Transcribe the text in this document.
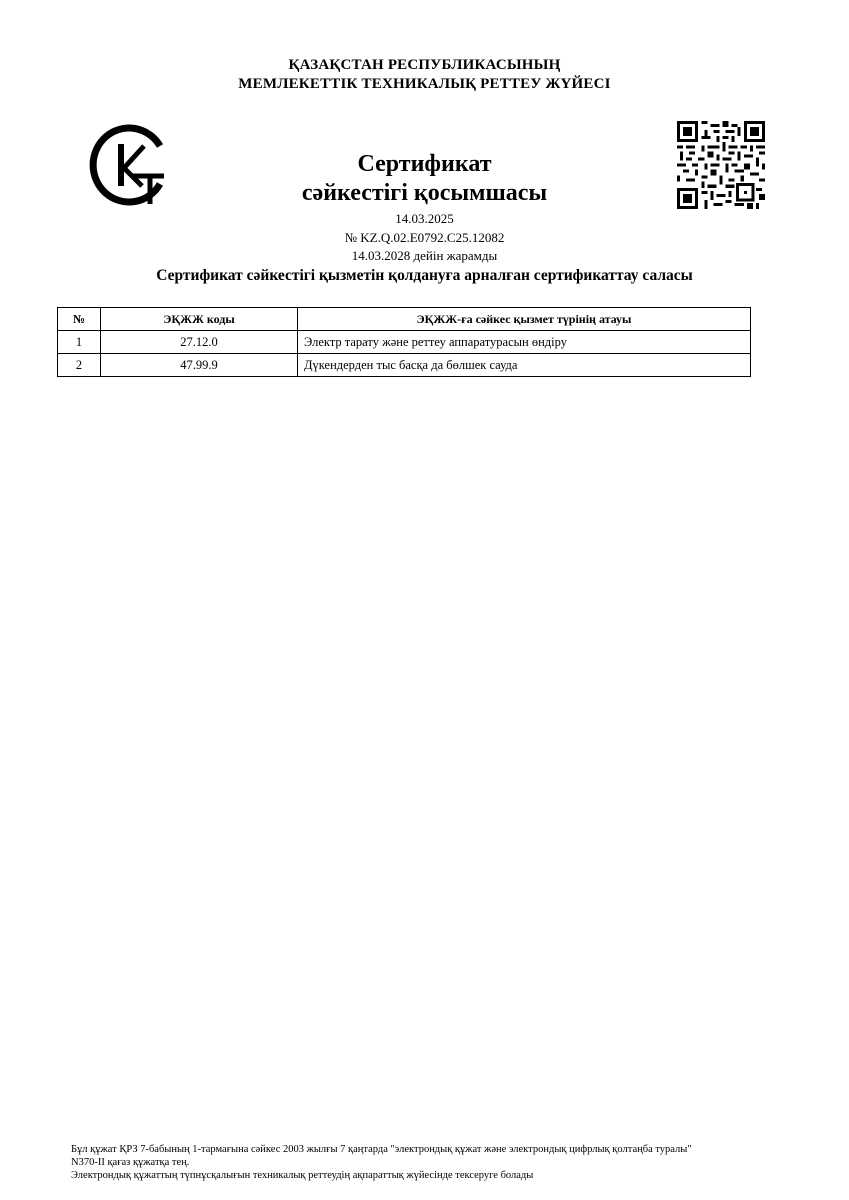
ҚАЗАҚСТАН РЕСПУБЛИКАСЫНЫҢ
МЕМЛЕКЕТТІК ТЕХНИКАЛЫҚ РЕТТЕУ ЖҮЙЕСІ
Сертификат
сәйкестігі қосымшасы
14.03.2025
№ KZ.Q.02.E0792.C25.12082
14.03.2028 дейін жарамды
Сертификат сәйкестігі қызметін қолдануға арналған сертификаттау саласы
№	ЭҚЖЖ коды	ЭҚЖЖ-ға сәйкес қызмет түрінің атауы
1	27.12.0	Электр тарату және реттеу аппаратурасын өндіру
2	47.99.9	Дүкендерден тыс басқа да бөлшек сауда
Бұл құжат ҚРЗ 7-бабының 1-тармағына сәйкес 2003 жылғы 7 қаңтарда "электрондық құжат және электрондық цифрлық қолтаңба туралы"
N370-II қағаз құжатқа тең.
Электрондық құжаттың түпнұсқалығын техникалық реттеудің ақпараттық жүйесінде тексеруге болады
